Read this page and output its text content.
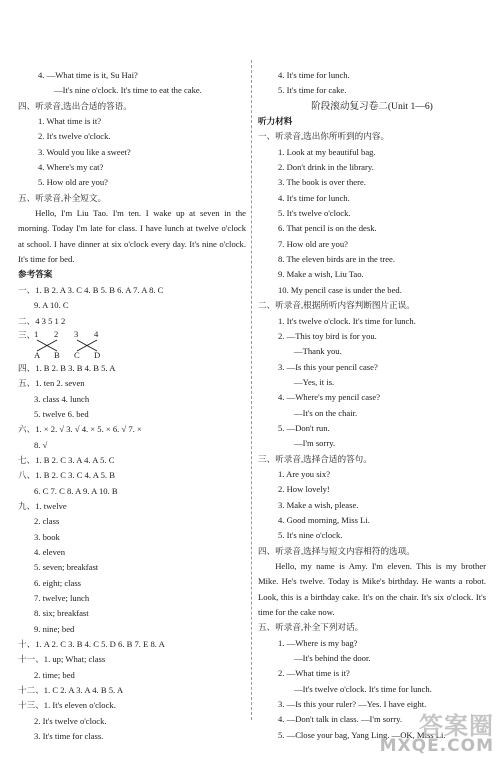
4. —What time is it, Su Hai?
—It's nine o'clock. It's time to eat the cake.
四、听录音,选出合适的答语。
1. What time is it?
2. It's twelve o'clock.
3. Would you like a sweet?
4. Where's my cat?
5. How old are you?
五、听录音,补全短文。
Hello, I'm Liu Tao. I'm ten. I wake up at seven in the morning. Today I'm late for class. I have lunch at twelve o'clock at school. I have dinner at six o'clock every day. It's nine o'clock. It's time for bed.
参考答案
一、1. B 2. A 3. C 4. B 5. B 6. A 7. A 8. C
9. A 10. C
二、4 3 5 1 2
三、
1 2 3 4
A B C D
四、1. B 2. B 3. B 4. B 5. A
五、1. ten 2. seven
3. class 4. lunch
5. twelve 6. bed
六、1. × 2. √ 3. √ 4. × 5. × 6. √ 7. ×
8. √
七、1. B 2. C 3. A 4. A 5. C
八、1. B 2. C 3. C 4. A 5. B
6. C 7. C 8. A 9. A 10. B
九、1. twelve
2. class
3. book
4. eleven
5. seven; breakfast
6. eight; class
7. twelve; lunch
8. six; breakfast
9. nine; bed
十、1. A 2. C 3. B 4. C 5. D 6. B 7. E 8. A
十一、1. up; What; class
2. time; bed
十二、1. C 2. A 3. A 4. B 5. A
十三、1. It's eleven o'clock.
2. It's twelve o'clock.
3. It's time for class.
4. It's time for lunch.
5. It's time for cake.
阶段滚动复习卷二(Unit 1—6)
听力材料
一、听录音,选出你所听到的内容。
1. Look at my beautiful bag.
2. Don't drink in the library.
3. The book is over there.
4. It's time for lunch.
5. It's twelve o'clock.
6. That pencil is on the desk.
7. How old are you?
8. The eleven birds are in the tree.
9. Make a wish, Liu Tao.
10. My pencil case is under the bed.
二、听录音,根据所听内容判断图片正误。
1. It's twelve o'clock. It's time for lunch.
2. —This toy bird is for you.
—Thank you.
3. —Is this your pencil case?
—Yes, it is.
4. —Where's my pencil case?
—It's on the chair.
5. —Don't run.
—I'm sorry.
三、听录音,选择合适的答句。
1. Are you six?
2. How lovely!
3. Make a wish, please.
4. Good morning, Miss Li.
5. It's nine o'clock.
四、听录音,选择与短文内容相符的选项。
Hello, my name is Amy. I'm eleven. This is my brother Mike. He's twelve. Today is Mike's birthday. He wants a robot. Look, this is a birthday cake. It's on the chair. It's six o'clock. It's time for the cake now.
五、听录音,补全下列对话。
1. —Where is my bag?
—It's behind the door.
2. —What time is it?
—It's twelve o'clock. It's time for lunch.
3. —Is this your ruler? —Yes. I have eight.
4. —Don't talk in class. —I'm sorry.
5. —Close your bag, Yang Ling. —OK, Miss Li.
答案圈
MXQE.COM
